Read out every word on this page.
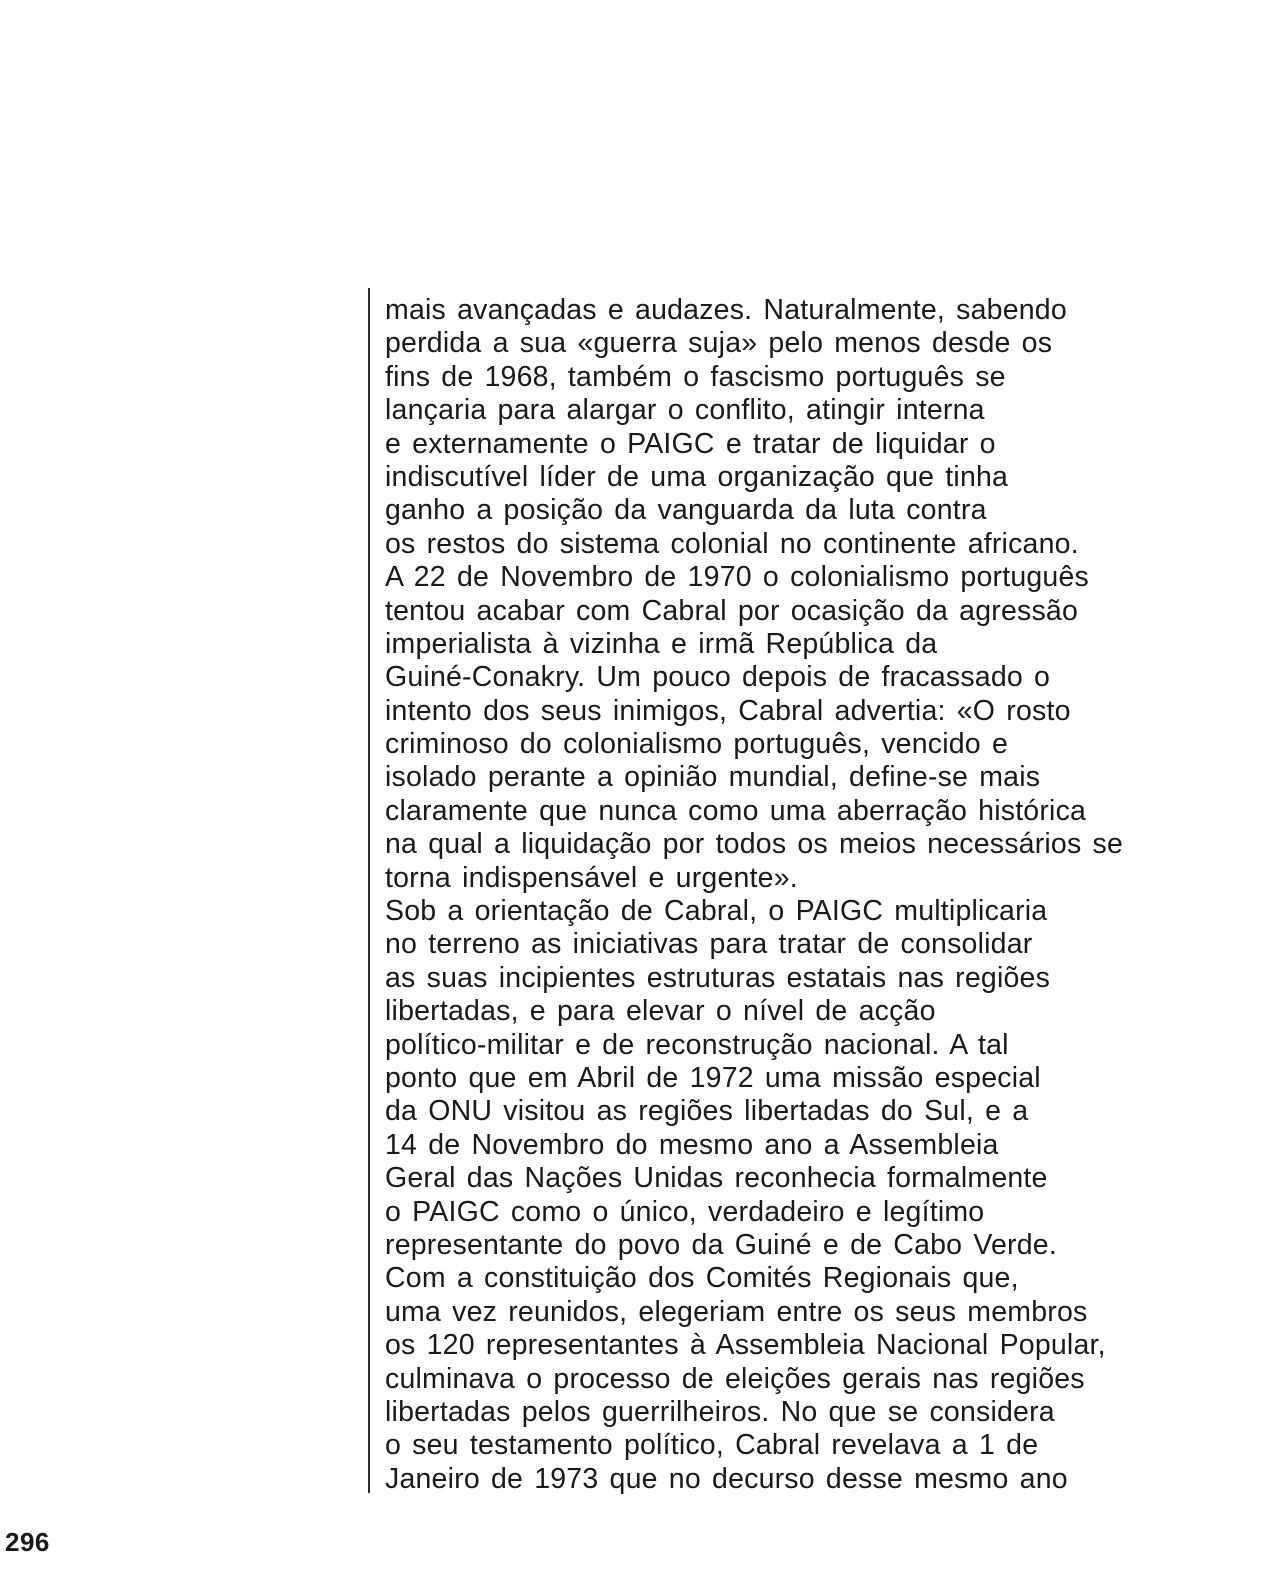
mais avançadas e audazes. Naturalmente, sabendo
perdida a sua «guerra suja» pelo menos desde os
fins de 1968, também o fascismo português se
lançaria para alargar o conflito, atingir interna
e externamente o PAIGC e tratar de liquidar o
indiscutível líder de uma organização que tinha
ganho a posição da vanguarda da luta contra
os restos do sistema colonial no continente africano.
A 22 de Novembro de 1970 o colonialismo português
tentou acabar com Cabral por ocasição da agressão
imperialista à vizinha e irmã República da
Guiné-Conakry. Um pouco depois de fracassado o
intento dos seus inimigos, Cabral advertia: «O rosto
criminoso do colonialismo português, vencido e
isolado perante a opinião mundial, define-se mais
claramente que nunca como uma aberração histórica
na qual a liquidação por todos os meios necessários se
torna indispensável e urgente».
Sob a orientação de Cabral, o PAIGC multiplicaria
no terreno as iniciativas para tratar de consolidar
as suas incipientes estruturas estatais nas regiões
libertadas, e para elevar o nível de acção
político-militar e de reconstrução nacional. A tal
ponto que em Abril de 1972 uma missão especial
da ONU visitou as regiões libertadas do Sul, e a
14 de Novembro do mesmo ano a Assembleia
Geral das Nações Unidas reconhecia formalmente
o PAIGC como o único, verdadeiro e legítimo
representante do povo da Guiné e de Cabo Verde.
Com a constituição dos Comités Regionais que,
uma vez reunidos, elegeriam entre os seus membros
os 120 representantes à Assembleia Nacional Popular,
culminava o processo de eleições gerais nas regiões
libertadas pelos guerrilheiros. No que se considera
o seu testamento político, Cabral revelava a 1 de
Janeiro de 1973 que no decurso desse mesmo ano
296
